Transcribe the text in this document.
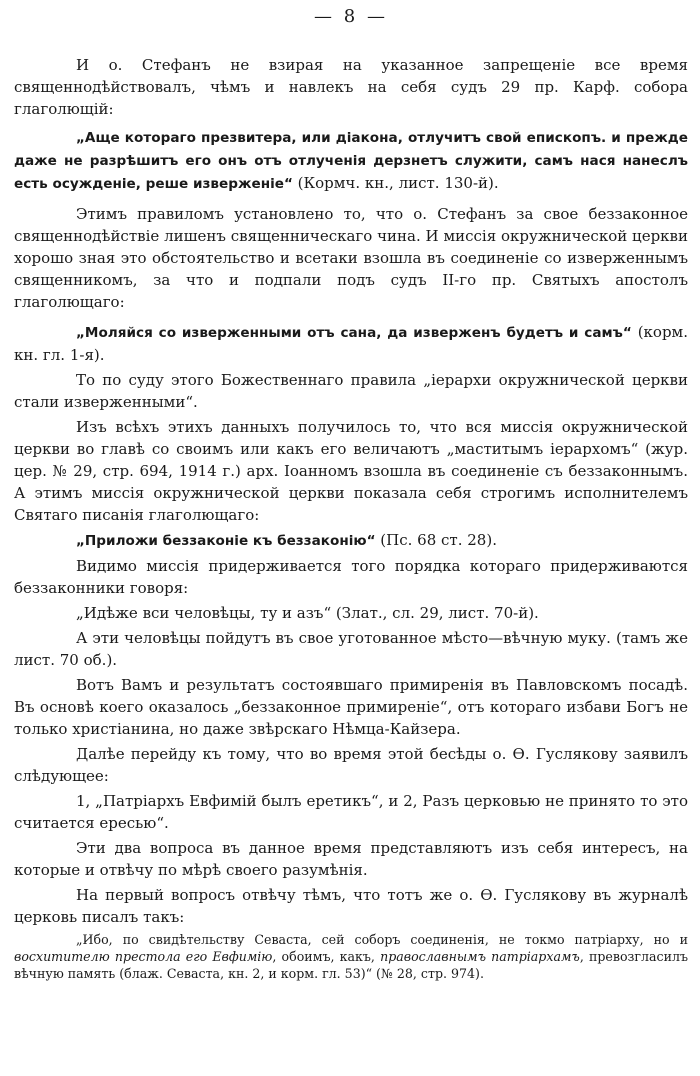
— 8 —

И о. Стефанъ не взирая на указанное запрещеніе все время священнодѣйствовалъ, чѣмъ и навлекъ на себя судъ 29 пр. Карф. собора глаголющій:

„Аще котораго презвитера, или діакона, отлучитъ свой епископъ. и прежде даже не разрѣшитъ его онъ отъ отлученія дерзнетъ служити, самъ нася нанеслъ есть осужденіе, реше изверженіе“ (Кормч. кн., лист. 130-й).

Этимъ правиломъ установлено то, что о. Стефанъ за свое беззаконное священнодѣйствіе лишенъ священническаго чина. И миссія окружнической церкви хорошо зная это обстоятельство и всетаки взошла въ соединеніе со изверженнымъ священникомъ, за что и подпали подъ судъ ІІ-го пр. Святыхъ апостолъ глаголющаго:

„Моляйся со изверженными отъ сана, да изверженъ будетъ и самъ“ (корм. кн. гл. 1-я).

То по суду этого Божественнаго правила „іерархи окружнической церкви стали изверженными“.

Изъ всѣхъ этихъ данныхъ получилось то, что вся миссія окружнической церкви во главѣ со своимъ или какъ его величаютъ „маститымъ іерархомъ“ (жур. цер. № 29, стр. 694, 1914 г.) арх. Іоанномъ взошла въ соединеніе съ беззаконнымъ. А этимъ миссія окружнической церкви показала себя строгимъ исполнителемъ Святаго писанія глаголющаго:

„Приложи беззаконіе къ беззаконію“ (Пс. 68 ст. 28).

Видимо миссія придерживается того порядка котораго придерживаются беззаконники говоря:

„Идѣже вси человѣцы, ту и азъ“ (Злат., сл. 29, лист. 70-й).

А эти человѣцы пойдутъ въ свое уготованное мѣсто—вѣчную муку. (тамъ же лист. 70 об.).

Вотъ Вамъ и результатъ состоявшаго примиренія въ Павловскомъ посадѣ. Въ основѣ коего оказалось „беззаконное примиреніе“, отъ котораго избави Богъ не только христіанина, но даже звѣрскаго Нѣмца-Кайзера.

Далѣе перейду къ тому, что во время этой бесѣды о. Ѳ. Гуслякову заявилъ слѣдующее:

1, „Патріархъ Евфимій былъ еретикъ“, и 2, Разъ церковью не принято то это считается ересью“.

Эти два вопроса въ данное время представляютъ изъ себя интересъ, на которые и отвѣчу по мѣрѣ своего разумѣнія.

На первый вопросъ отвѣчу тѣмъ, что тотъ же о. Ѳ. Гуслякову въ журналѣ церковь писалъ такъ:

„Ибо, по свидѣтельству Севаста, сей соборъ соединенія, не токмо патріарху, но и восхитителю престола его Евфимію, обоимъ, какъ, православнымъ патріархамъ, превозгласилъ вѣчную память (блаж. Севаста, кн. 2, и корм. гл. 53)“ (№ 28, стр. 974).
